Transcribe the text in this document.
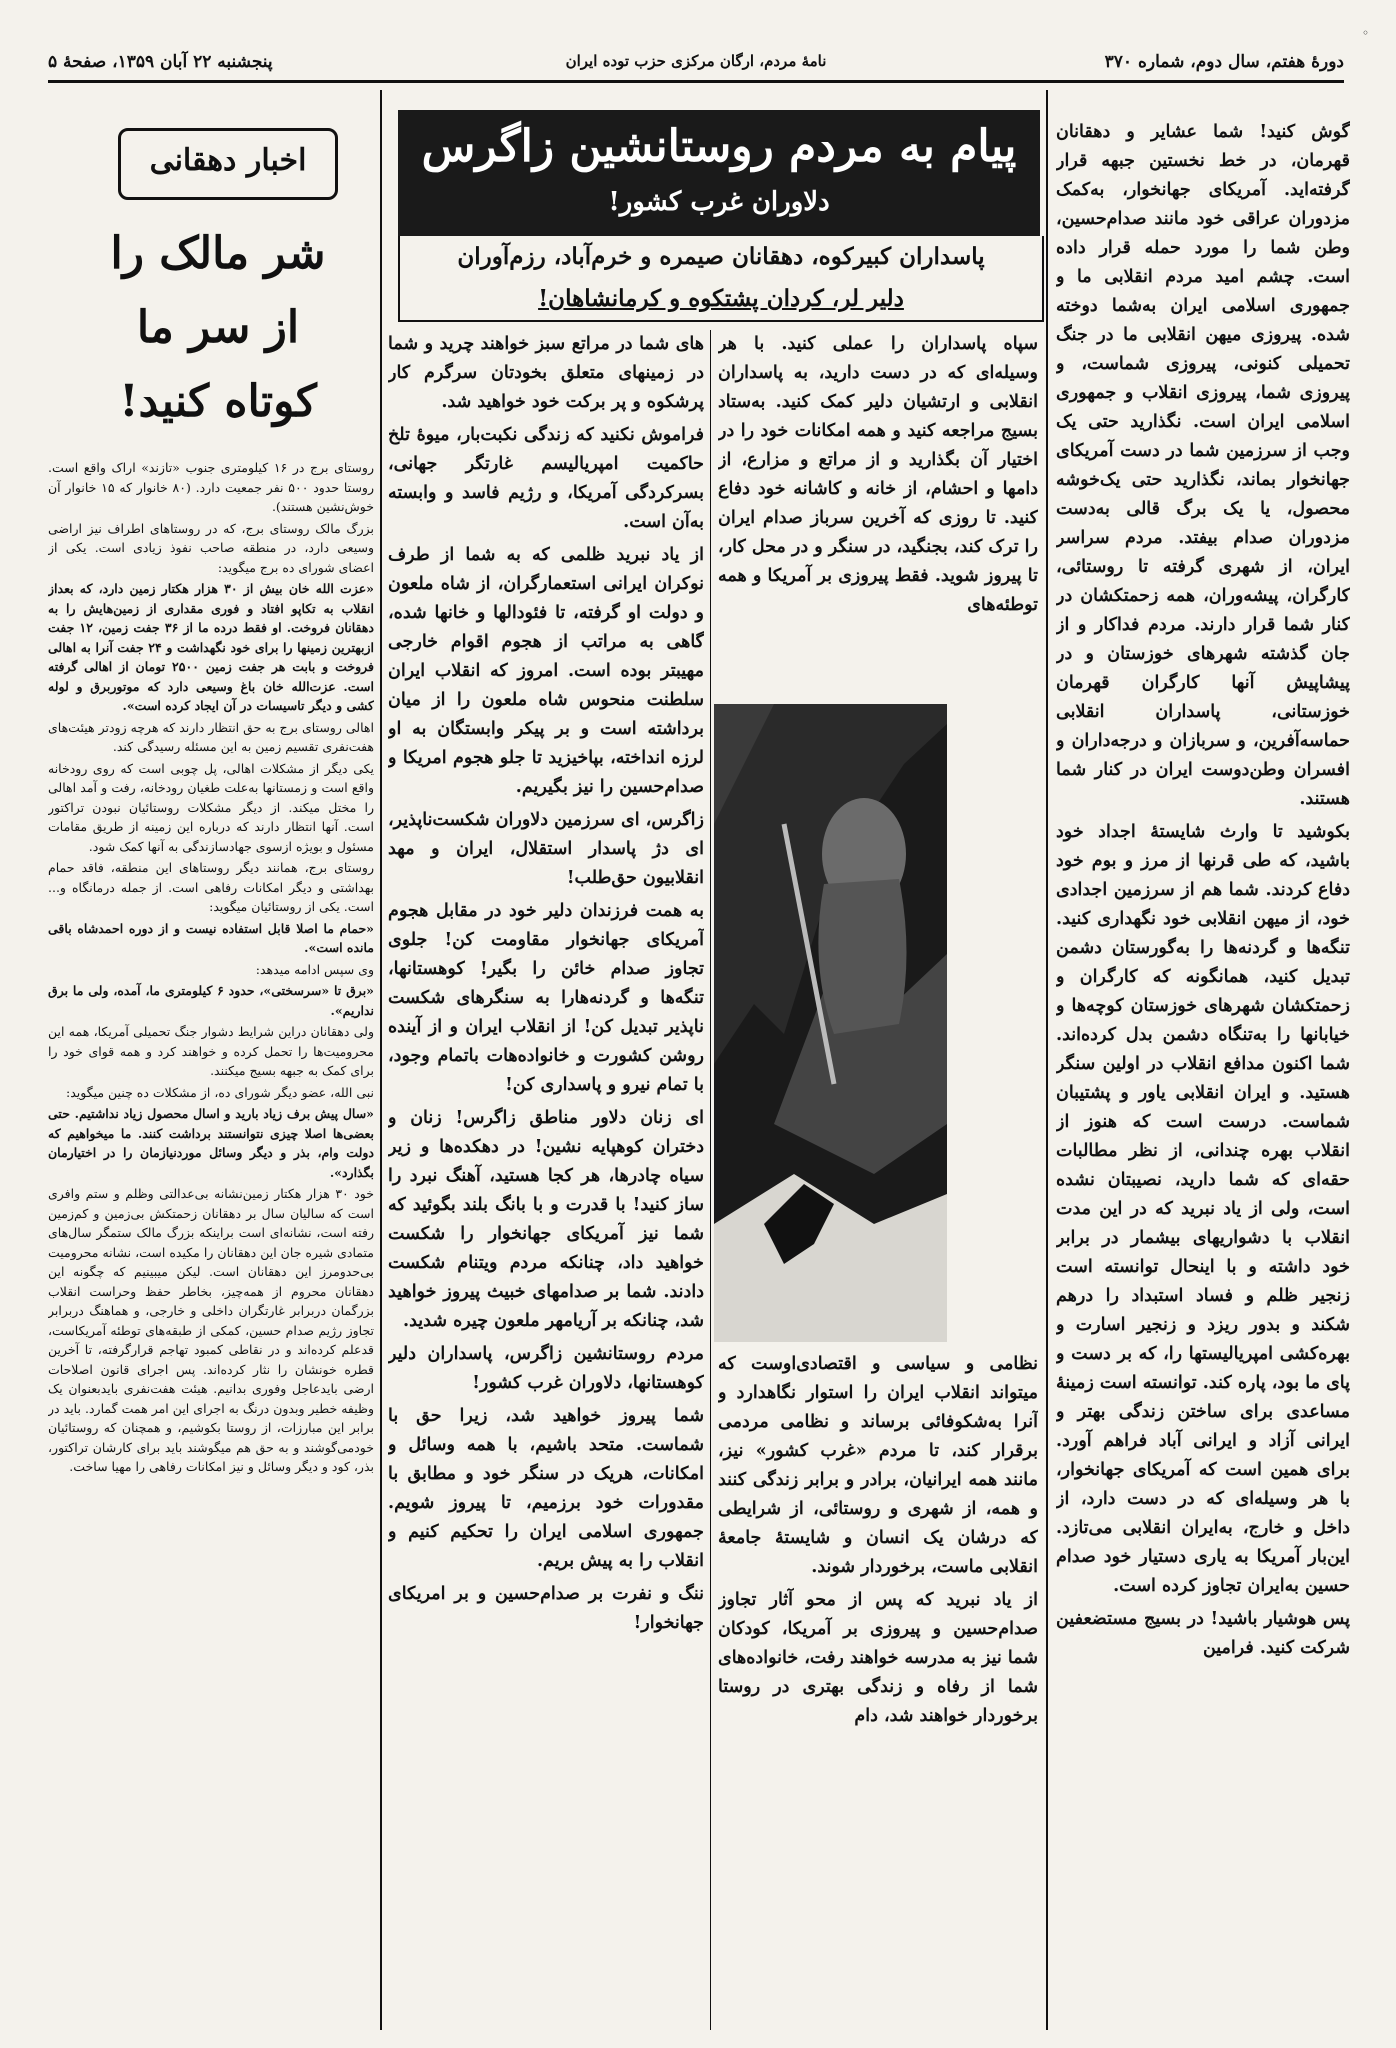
دورهٔ هفتم، سال دوم، شماره ۳۷۰
نامهٔ مردم، ارگان مرکزی حزب توده ایران
پنجشنبه ۲۲ آبان ۱۳۵۹، صفحهٔ ۵

گوش کنید! شما عشایر و دهقانان قهرمان، در خط نخستین جبهه قرار گرفته‌اید. آمریکای جهانخوار، به‌کمک مزدوران عراقی خود مانند صدام‌حسین، وطن شما را مورد حمله قرار داده است. چشم امید مردم انقلابی ما و جمهوری اسلامی ایران به‌شما دوخته شده. پیروزی میهن انقلابی ما در جنگ تحمیلی کنونی، پیروزی شماست، و پیروزی شما، پیروزی انقلاب و جمهوری اسلامی ایران است. نگذارید حتی یک وجب از سرزمین شما در دست آمریکای جهانخوار بماند، نگذارید حتی یک‌خوشه محصول، یا یک برگ‌ قالی به‌دست مزدوران صدام بیفتد. مردم سراسر ایران، از شهری گرفته تا روستائی، کارگران، پیشه‌وران، همه زحمتکشان در کنار شما قرار دارند. مردم فداکار و از جان گذشته شهرهای خوزستان و در پیشاپیش آنها کارگران قهرمان خوزستانی، پاسداران انقلابی حماسه‌آفرین، و سربازان و درجه‌داران و افسران وطن‌دوست ایران در کنار شما هستند.

بکوشید تا وارث شایستهٔ اجداد خود باشید، که طی قرنها از مرز و بوم خود دفاع کردند. شما هم از سرزمین اجدادی خود، از میهن انقلابی خود نگهداری کنید. تنگه‌ها و گردنه‌ها را به‌گورستان دشمن تبدیل کنید، همانگونه که کارگران و زحمتکشان شهرهای خوزستان کوچه‌ها و خیابانها را به‌تنگاه دشمن بدل کرده‌اند. شما اکنون مدافع انقلاب در اولین سنگر هستید. و ایران انقلابی یاور و پشتیبان شماست. درست است که هنوز از انقلاب بهره چندانی، از نظر مطالبات حقه‌ای که شما دارید، نصیبتان نشده است، ولی از یاد نبرید که در این مدت انقلاب با دشواریهای بیشمار در برابر خود داشته و با اینحال توانسته است زنجیر ظلم و فساد استبداد را درهم شکند و بدور ریزد و زنجیر اسارت و بهره‌کشی امپریالیستها را، که بر دست و پای ما بود، پاره کند. توانسته است زمینهٔ مساعدی برای ساختن زندگی بهتر و ایرانی آزاد و ایرانی آباد فراهم آورد. برای همین است که آمریکای جهانخوار، با هر وسیله‌ای که در دست دارد، از داخل و خارج، به‌ایران انقلابی می‌تازد. این‌بار آمریکا به یاری دستیار خود صدام حسین به‌ایران تجاوز کرده است.

پس هوشیار باشید! در بسیج مستضعفین شرکت کنید. فرامین

پیام به مردم روستانشین زاگرس
دلاوران غرب کشور!
پاسداران کبیرکوه، دهقانان صیمره و خرم‌آباد، رزم‌آوران
دلیر لر، کردان پشتکوه و کرمانشاهان!

سپاه پاسداران را عملی کنید. با هر وسیله‌ای که در دست دارید، به پاسداران انقلابی و ارتشیان دلیر کمک کنید. به‌ستاد بسیج مراجعه کنید و همه امکانات خود را در اختیار آن بگذارید و از مراتع و مزارع، از دامها و احشام، از خانه و کاشانه خود دفاع کنید. تا روزی که آخرین سرباز صدام ایران را ترک کند، بجنگید، در سنگر و در محل کار، تا پیروز شوید. فقط پیروزی بر آمریکا و همه توطئه‌های

نظامی و سیاسی و اقتصادی‌اوست که میتواند انقلاب ایران را استوار نگاهدارد و آنرا به‌شکوفائی برساند و نظامی مردمی برقرار کند، تا مردم «غرب کشور» نیز، مانند همه ایرانیان، برادر و برابر زندگی کنند و همه، از شهری و روستائی، از شرایطی که درشان یک انسان و شایستهٔ جامعهٔ انقلابی ماست، برخوردار شوند.

از یاد نبرید که پس از محو آثار تجاوز صدام‌حسین و پیروزی بر آمریکا، کودکان شما نیز به مدرسه خواهند رفت، خانواده‌های شما از رفاه و زندگی بهتری در روستا برخوردار خواهند شد، دام

های شما در مراتع سبز خواهند چرید و شما در زمینهای متعلق بخودتان سرگرم کار پرشکوه و پر برکت خود خواهید شد.

فراموش نکنید که زندگی نکبت‌بار، میوهٔ تلخ حاکمیت امپریالیسم غارتگر جهانی، بسرکردگی آمریکا، و رژیم فاسد و وابسته به‌آن است.

از یاد نبرید ظلمی که به شما از طرف نوکران ایرانی استعمارگران، از شاه ملعون و دولت او گرفته، تا فئودالها و خانها شده، گاهی به مراتب از هجوم اقوام خارجی مهیبتر بوده است. امروز که انقلاب ایران سلطنت منحوس شاه ملعون را از میان برداشته است و بر پیکر وابستگان به او لرزه انداخته، بپاخیزید تا جلو هجوم امریکا و صدام‌حسین را نیز بگیریم.

زاگرس، ای سرزمین دلاوران شکست‌ناپذیر، ای دژ پاسدار استقلال، ایران و مهد انقلابیون حق‌طلب!

به همت فرزندان دلیر خود در مقابل هجوم آمریکای جهانخوار مقاومت کن! جلوی تجاوز صدام خائن را بگیر! کوهستانها، تنگه‌ها و گردنه‌هارا به سنگرهای شکست ناپذیر تبدیل کن! از انقلاب ایران و از آینده روشن کشورت و خانواده‌هات باتمام وجود، با تمام نیرو و پاسداری کن!

ای زنان دلاور مناطق زاگرس! زنان و دختران کوهپایه نشین! در دهکده‌ها و زیر سیاه چادرها، هر کجا هستید، آهنگ نبرد را ساز کنید! با قدرت و با بانگ بلند بگوئید که شما نیز آمریکای جهانخوار را شکست خواهید داد، چنانکه مردم ویتنام شکست دادند. شما بر صدامهای خبیث پیروز خواهید شد، چنانکه بر آریامهر ملعون چیره شدید.

مردم روستانشین زاگرس، پاسداران دلیر کوهستانها، دلاوران غرب کشور!

شما پیروز خواهید شد، زیرا حق با شماست. متحد باشیم، با همه وسائل و امکانات، هریک در سنگر خود و مطابق با مقدورات خود برزمیم، تا پیروز شویم. جمهوری اسلامی ایران را تحکیم کنیم و انقلاب را به پیش بریم.

ننگ و نفرت بر صدام‌حسین و بر امریکای جهانخوار!

اخبار دهقانی
شر مالک را
از سر ما
کوتاه کنید!

روستای برج در ۱۶ کیلومتری جنوب «تازند» اراک واقع است. روستا حدود ۵۰۰ نفر جمعیت دارد. (۸۰ خانوار که ۱۵ خانوار آن خوش‌نشین هستند).

بزرگ مالک روستای برج، که در روستاهای اطراف نیز اراضی وسیعی دارد، در منطقه صاحب نفوذ زیادی است. یکی از اعضای شورای ده برج میگوید:

«عزت الله خان بیش از ۳۰ هزار هکتار زمین دارد، که بعداز انقلاب به تکاپو افتاد و فوری مقداری از زمین‌هایش را به دهقانان فروخت. او فقط درده ما از ۳۶ جفت زمین، ۱۲ جفت ازبهترین زمینها را برای خود نگهداشت و ۲۴ جفت آنرا به اهالی فروخت و بابت هر جفت زمین ۲۵۰۰ تومان از اهالی گرفته است. عزت‌الله خان باغ وسیعی دارد که موتوربرق و لوله کشی و دیگر تاسیسات در آن ایجاد کرده است».

اهالی روستای برج به حق انتظار دارند که هرچه زودتر هیئت‌های هفت‌نفری تقسیم زمین به این مسئله رسیدگی کند.

یکی دیگر از مشکلات اهالی، پل چوبی است که روی رودخانه واقع است و زمستانها به‌علت طغیان رودخانه، رفت و آمد اهالی را مختل میکند. از دیگر مشکلات روستائیان نبودن تراکتور است. آنها انتظار دارند که درباره این زمینه از طریق مقامات مسئول و بویژه ازسوی جهادسازندگی به آنها کمک شود.

روستای برج، همانند دیگر روستاهای این منطقه، فاقد حمام بهداشتی و دیگر امکانات رفاهی است. از جمله درمانگاه و... است. یکی از روستائیان میگوید:

«حمام ما اصلا قابل استفاده نیست و از دوره احمدشاه باقی مانده است».

وی سپس ادامه میدهد:

«برق تا «سرسختی»، حدود ۶ کیلومتری ما، آمده، ولی ما برق نداریم».

ولی دهقانان دراین شرایط دشوار جنگ تحمیلی آمریکا، همه این محرومیت‌ها را تحمل کرده و خواهند کرد و همه قوای خود را برای کمک به جبهه بسیج میکنند.

نبی الله، عضو دیگر شورای ده، از مشکلات ده چنین میگوید:

«سال پیش برف زیاد بارید و اسال محصول زیاد نداشتیم. حتی بعضی‌ها اصلا چیزی نتوانستند برداشت کنند. ما میخواهیم که دولت وام، بذر و دیگر وسائل موردنیازمان را در اختیارمان بگذارد».

خود ۳۰ هزار هکتار زمین‌نشانه بی‌عدالتی وظلم و ستم وافری است که سالیان سال بر دهقانان زحمتکش بی‌زمین و کم‌زمین رفته است، نشانه‌ای است براینکه بزرگ مالک ستمگر سال‌های متمادی شیره جان این دهقانان را مکیده است، نشانه محرومیت بی‌حدومرز این دهقانان است. لیکن میبینیم که چگونه این دهقانان محروم از همه‌چیز، بخاطر حفظ وحراست انقلاب بزرگمان دربرابر غارتگران داخلی و خارجی، و هماهنگ دربرابر تجاوز رژیم صدام حسین، کمکی از طبقه‌های توطئه آمریکاست، قدعلم کرده‌اند و در نقاطی کمبود تهاجم قرارگرفته، تا آخرین قطره خونشان را نثار کرده‌اند. پس اجرای قانون اصلاحات ارضی بایدعاجل وفوری بدانیم. هیئت هفت‌نفری بایدبعنوان یک وظیفه خطیر وبدون درنگ به اجرای این امر همت گمارد. باید در برابر این مبارزات، از روستا بکوشیم، و همچنان که روستائیان خودمی‌گوشند و به حق هم میگوشند باید برای کارشان تراکتور، بذر، کود و دیگر وسائل و نیز امکانات رفاهی را مهیا ساخت.

◦
